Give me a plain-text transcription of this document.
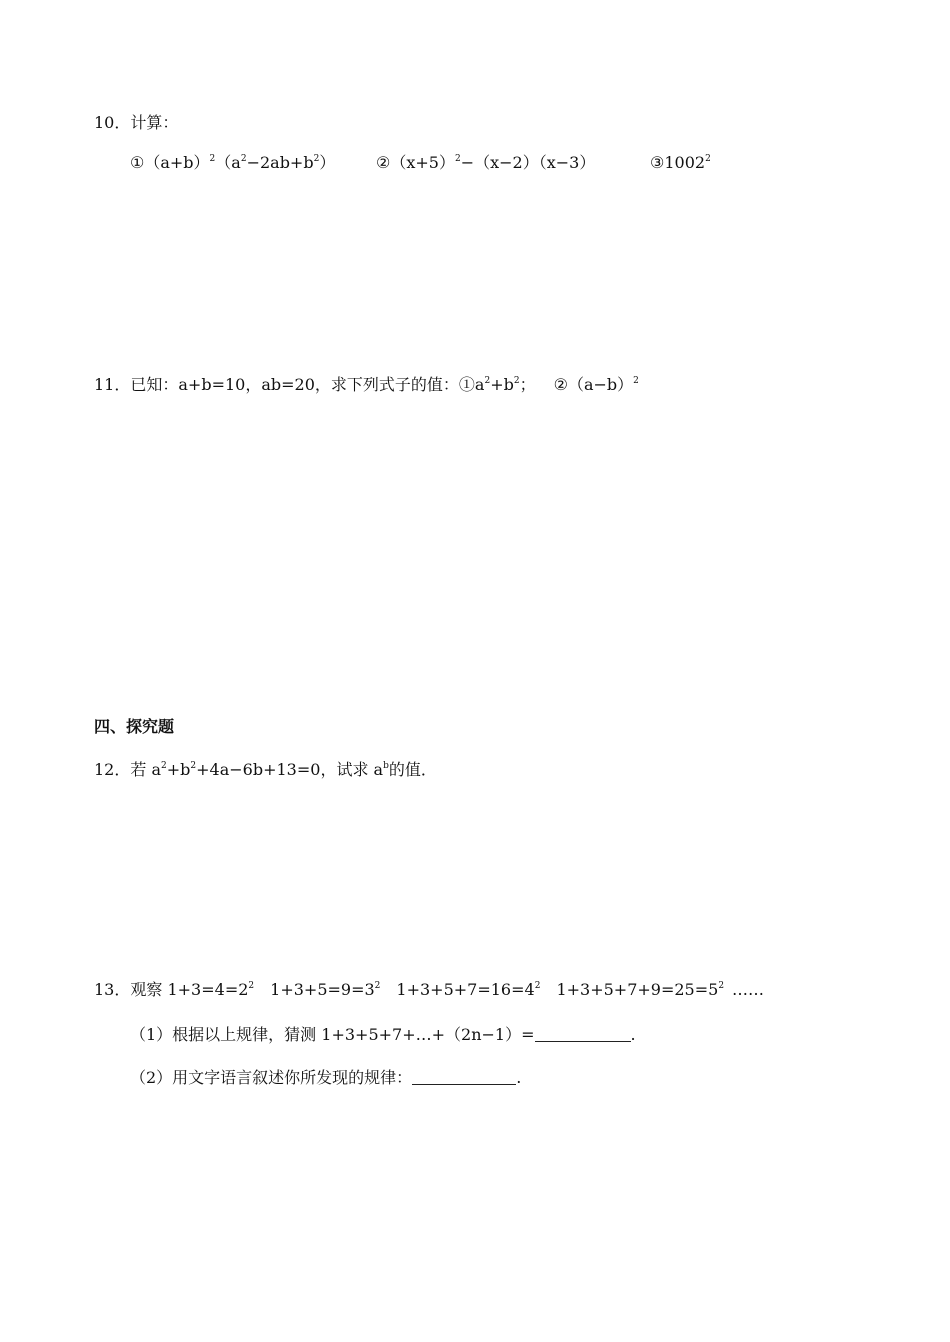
10．计算：
$①(a+b)^2(a^2-2ab+b^2)$	$②(x+5)^2-(x-2)(x-3)$	③1002$^2$
11．已知：a+b=10，ab=20，求下列式子的值：$①a^2+b^2$； $②(a-b)^2$
四、探究题
12．若 $a^2+b^2+4a-6b+13=0$，试求 $a^b$的值．
13．观察 $1+3=4=2^2$ $1+3+5=9=3^2$ $1+3+5+7=16=4^2$ $1+3+5+7+9=25=5^2$ ……
（1）根据以上规律，猜测 1+3+5+7+…+（2n−1）=	.
（2）用文字语言叙述你所发现的规律：	.
